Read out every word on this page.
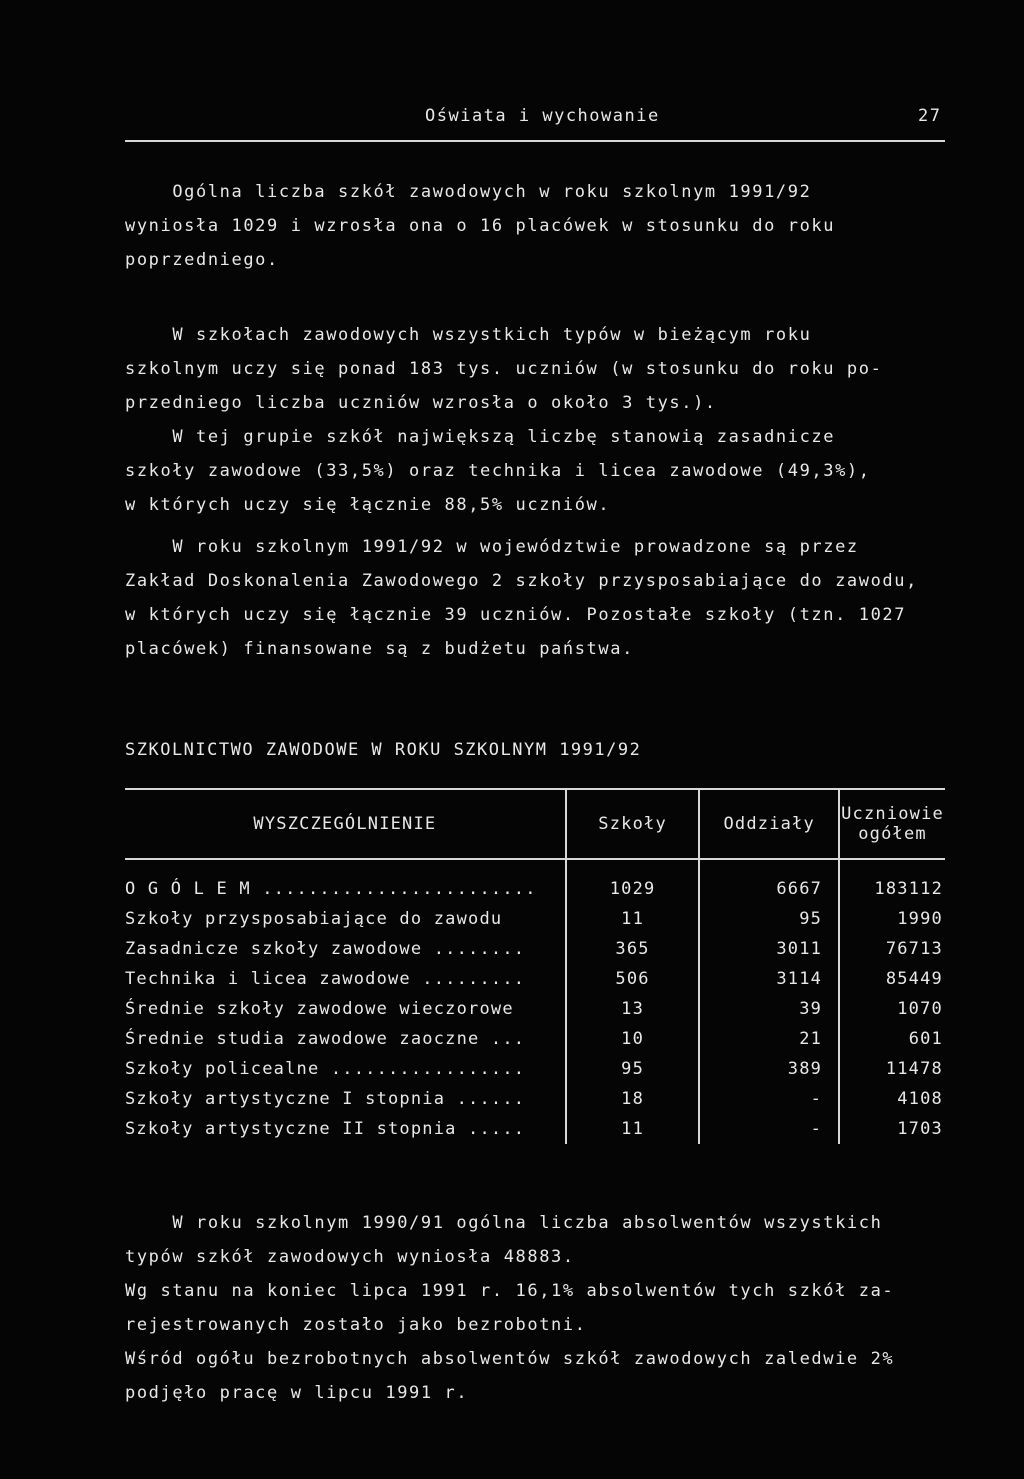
Oświata i wychowanie	27
Ogólna liczba szkół zawodowych w roku szkolnym 1991/92
wyniosła 1029 i wzrosła ona o 16 placówek w stosunku do roku
poprzedniego.
W szkołach zawodowych wszystkich typów w bieżącym roku
szkolnym uczy się ponad 183 tys. uczniów (w stosunku do roku po-
przedniego liczba uczniów wzrosła o około 3 tys.).
W tej grupie szkół największą liczbę stanowią zasadnicze
szkoły zawodowe (33,5%) oraz technika i licea zawodowe (49,3%),
w których uczy się łącznie 88,5% uczniów.
W roku szkolnym 1991/92 w województwie prowadzone są przez
Zakład Doskonalenia Zawodowego 2 szkoły przysposabiające do zawodu,
w których uczy się łącznie 39 uczniów. Pozostałe szkoły (tzn. 1027
placówek) finansowane są z budżetu państwa.
SZKOLNICTWO ZAWODOWE W ROKU SZKOLNYM 1991/92
WYSZCZEGÓLNIENIE	Szkoły	Oddziały	Uczniowie
ogółem

O G Ó L E M ........................	1029	6667	183112
Szkoły przysposabiające do zawodu	11	95	1990
Zasadnicze szkoły zawodowe ........	365	3011	76713
Technika i licea zawodowe .........	506	3114	85449
Średnie szkoły zawodowe wieczorowe	13	39	1070
Średnie studia zawodowe zaoczne ...	10	21	601
Szkoły policealne .................	95	389	11478
Szkoły artystyczne I stopnia ......	18	-	4108
Szkoły artystyczne II stopnia .....	11	-	1703
W roku szkolnym 1990/91 ogólna liczba absolwentów wszystkich
typów szkół zawodowych wyniosła 48883.
Wg stanu na koniec lipca 1991 r. 16,1% absolwentów tych szkół za-
rejestrowanych zostało jako bezrobotni.
Wśród ogółu bezrobotnych absolwentów szkół zawodowych zaledwie 2%
podjęło pracę w lipcu 1991 r.
